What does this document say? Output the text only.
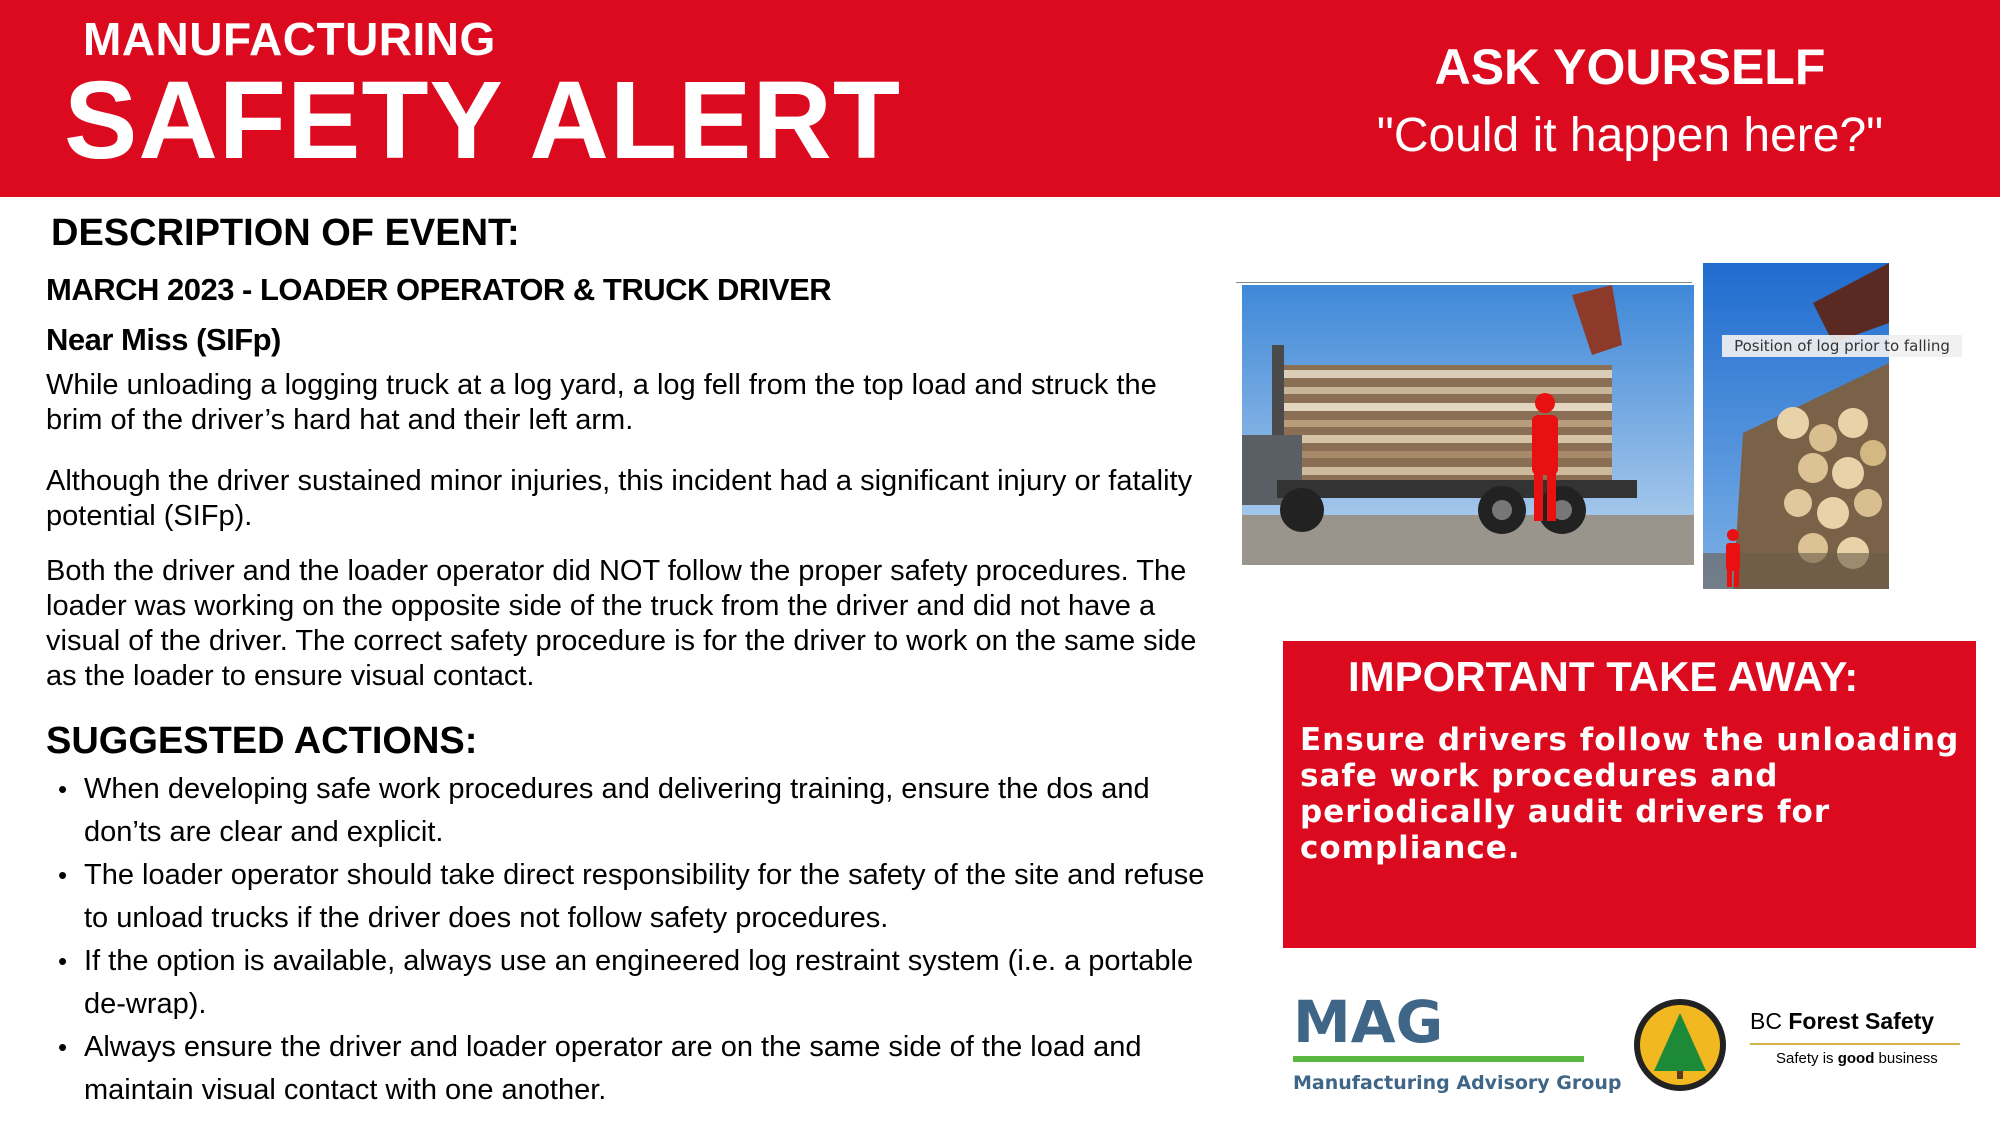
MANUFACTURING
SAFETY ALERT	ASK YOURSELF
"Could it happen here?"
DESCRIPTION OF EVENT:
MARCH 2023 - LOADER OPERATOR & TRUCK DRIVER
Near Miss (SIFp)
While unloading a logging truck at a log yard, a log fell from the top load and struck the brim of the driver’s hard hat and their left arm.
Although the driver sustained minor injuries, this incident had a significant injury or fatality potential (SIFp).
Both the driver and the loader operator did NOT follow the proper safety procedures. The loader was working on the opposite side of the truck from the driver and did not have a visual of the driver. The correct safety procedure is for the driver to work on the same side as the loader to ensure visual contact.
SUGGESTED ACTIONS:
• When developing safe work procedures and delivering training, ensure the dos and don’ts are clear and explicit.
• The loader operator should take direct responsibility for the safety of the site and refuse to unload trucks if the driver does not follow safety procedures.
• If the option is available, always use an engineered log restraint system (i.e. a portable de-wrap).
• Always ensure the driver and loader operator are on the same side of the load and maintain visual contact with one another.
Position of log prior to falling
IMPORTANT TAKE AWAY:
Ensure drivers follow the unloading safe work procedures and periodically audit drivers for compliance.
MAG
Manufacturing Advisory Group
BC Forest Safety
Safety is good business
